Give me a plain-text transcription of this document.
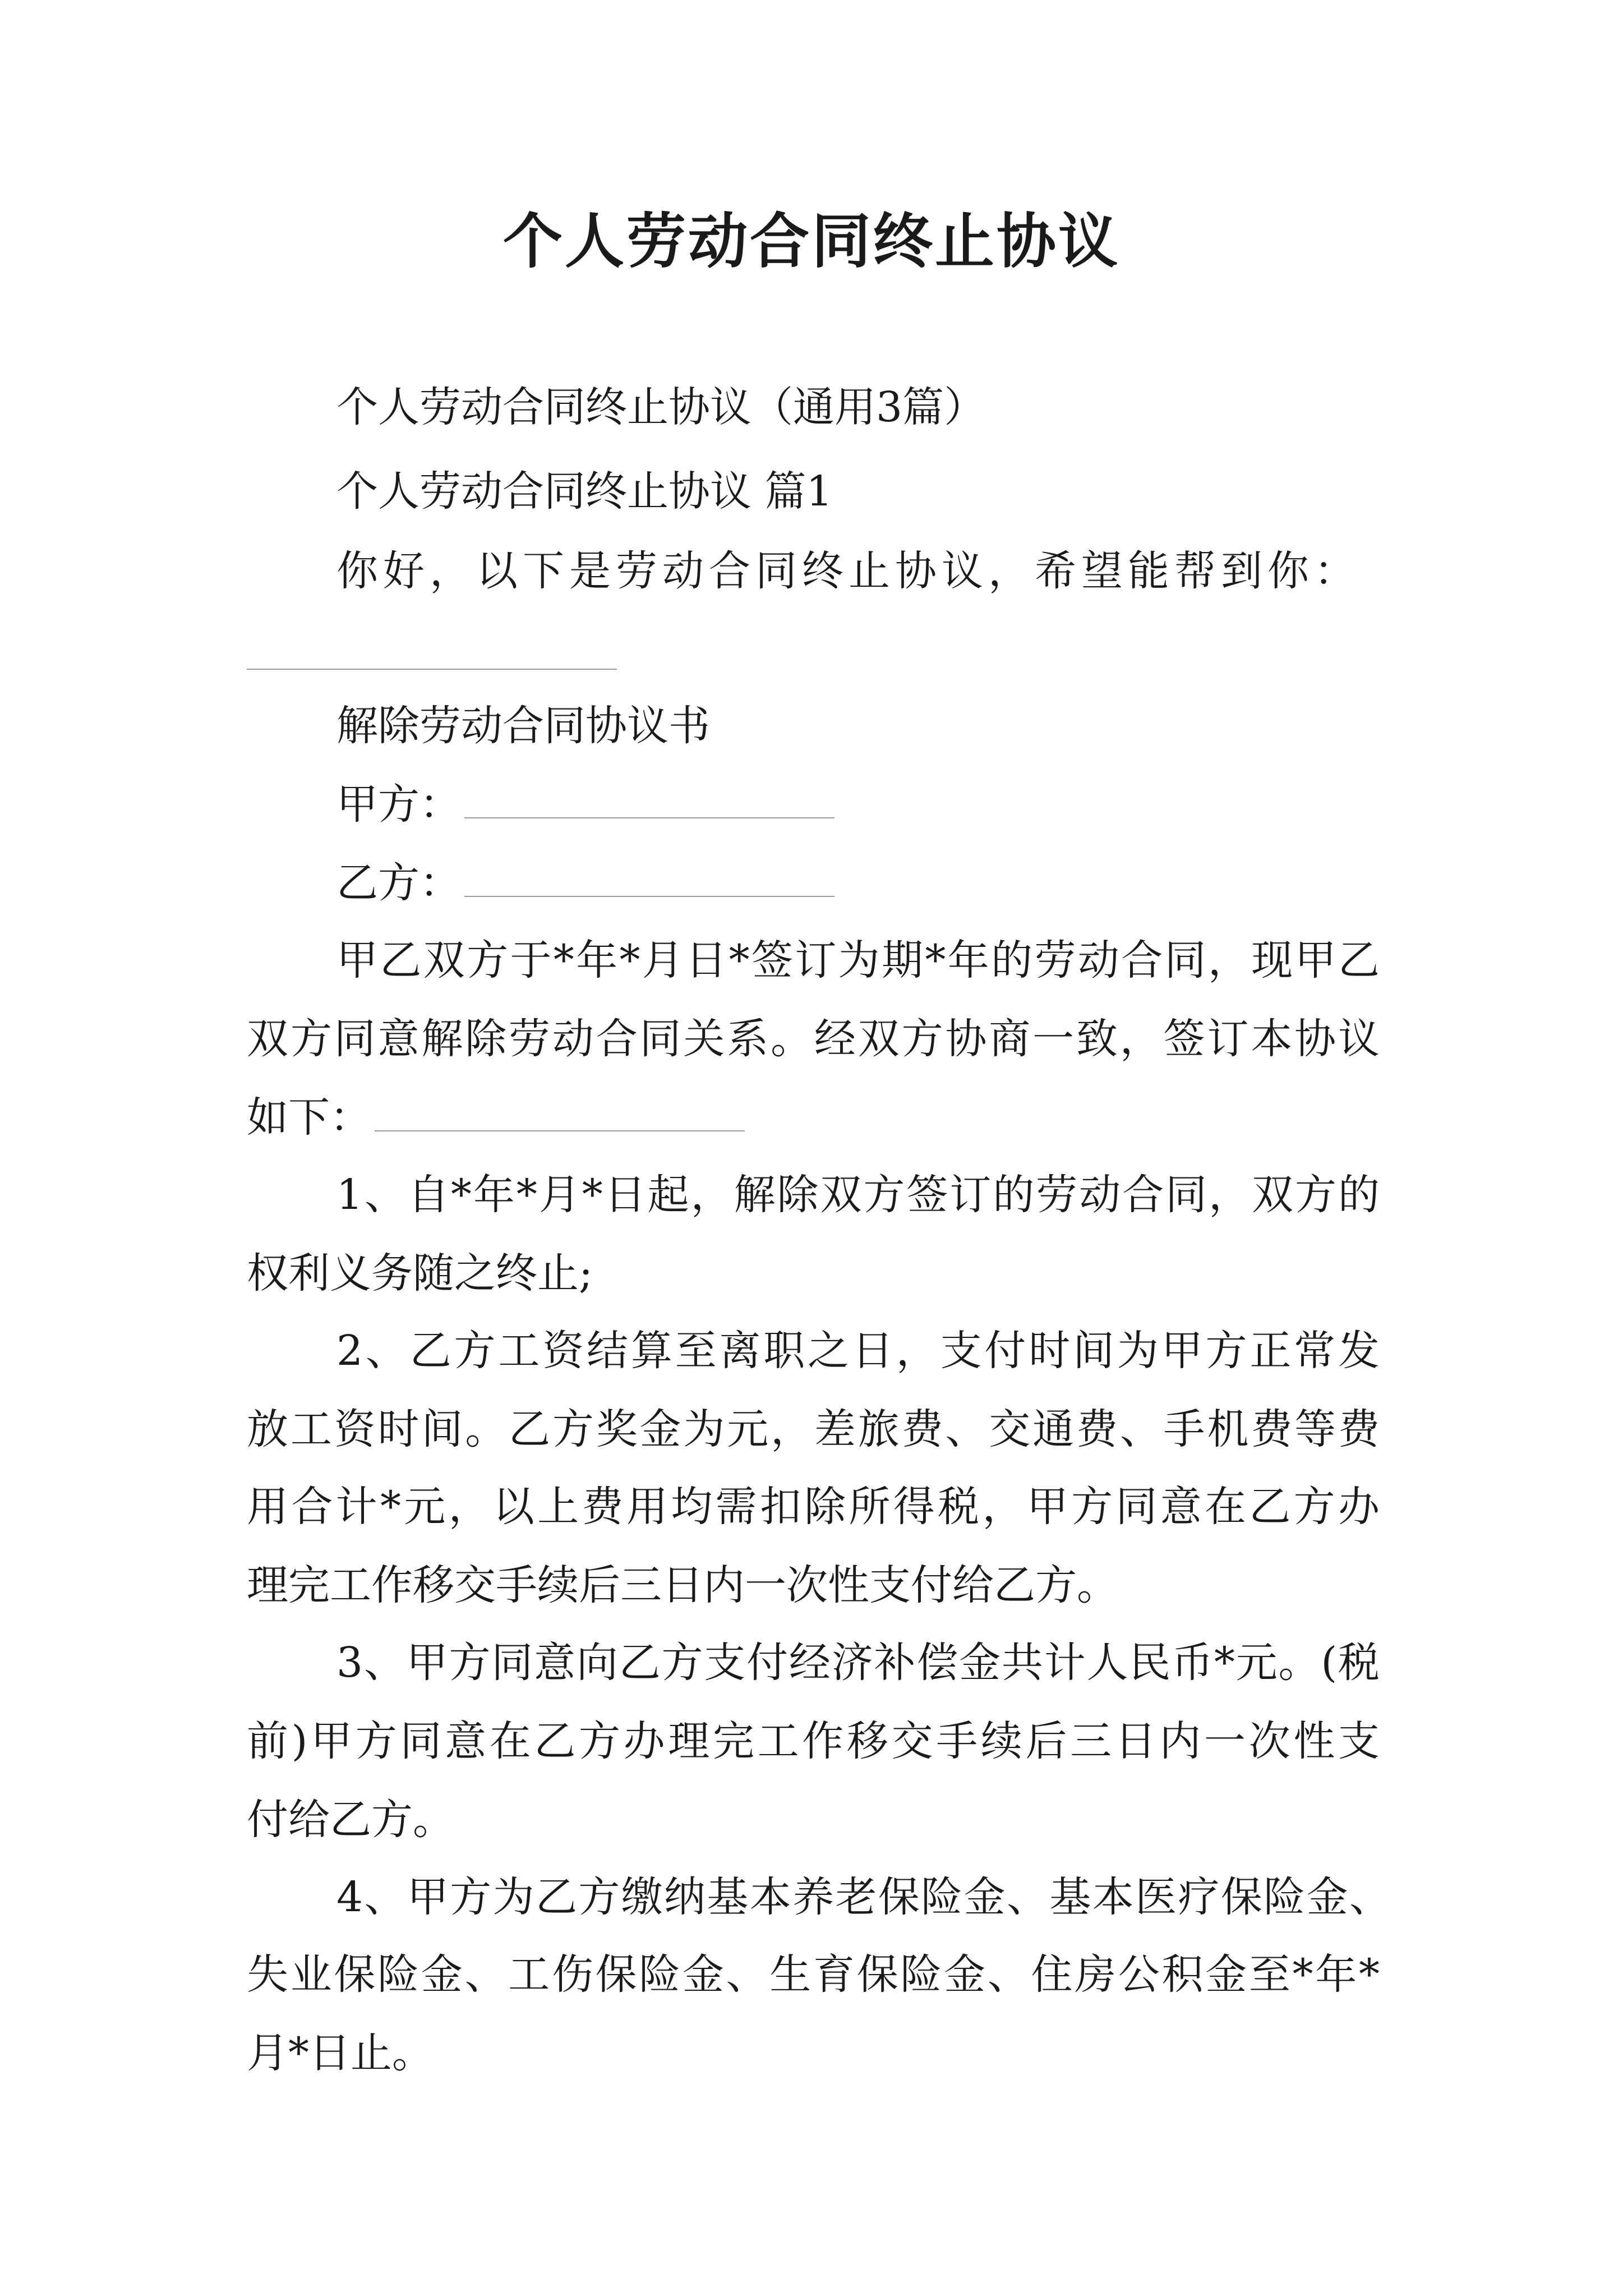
个人劳动合同终止协议
个人劳动合同终止协议（通用3篇）
个人劳动合同终止协议 篇1
你好，以下是劳动合同终止协议，希望能帮到你：
解除劳动合同协议书
甲方：
乙方：
甲乙双方于*年*月日*签订为期*年的劳动合同，现甲乙
双方同意解除劳动合同关系。经双方协商一致，签订本协议
如下：
1、自*年*月*日起，解除双方签订的劳动合同，双方的
权利义务随之终止;
2、乙方工资结算至离职之日，支付时间为甲方正常发
放工资时间。乙方奖金为元，差旅费、交通费、手机费等费
用合计*元，以上费用均需扣除所得税，甲方同意在乙方办
理完工作移交手续后三日内一次性支付给乙方。
3、甲方同意向乙方支付经济补偿金共计人民币*元。(税
前)甲方同意在乙方办理完工作移交手续后三日内一次性支
付给乙方。
4、甲方为乙方缴纳基本养老保险金、基本医疗保险金、
失业保险金、工伤保险金、生育保险金、住房公积金至*年*
月*日止。
